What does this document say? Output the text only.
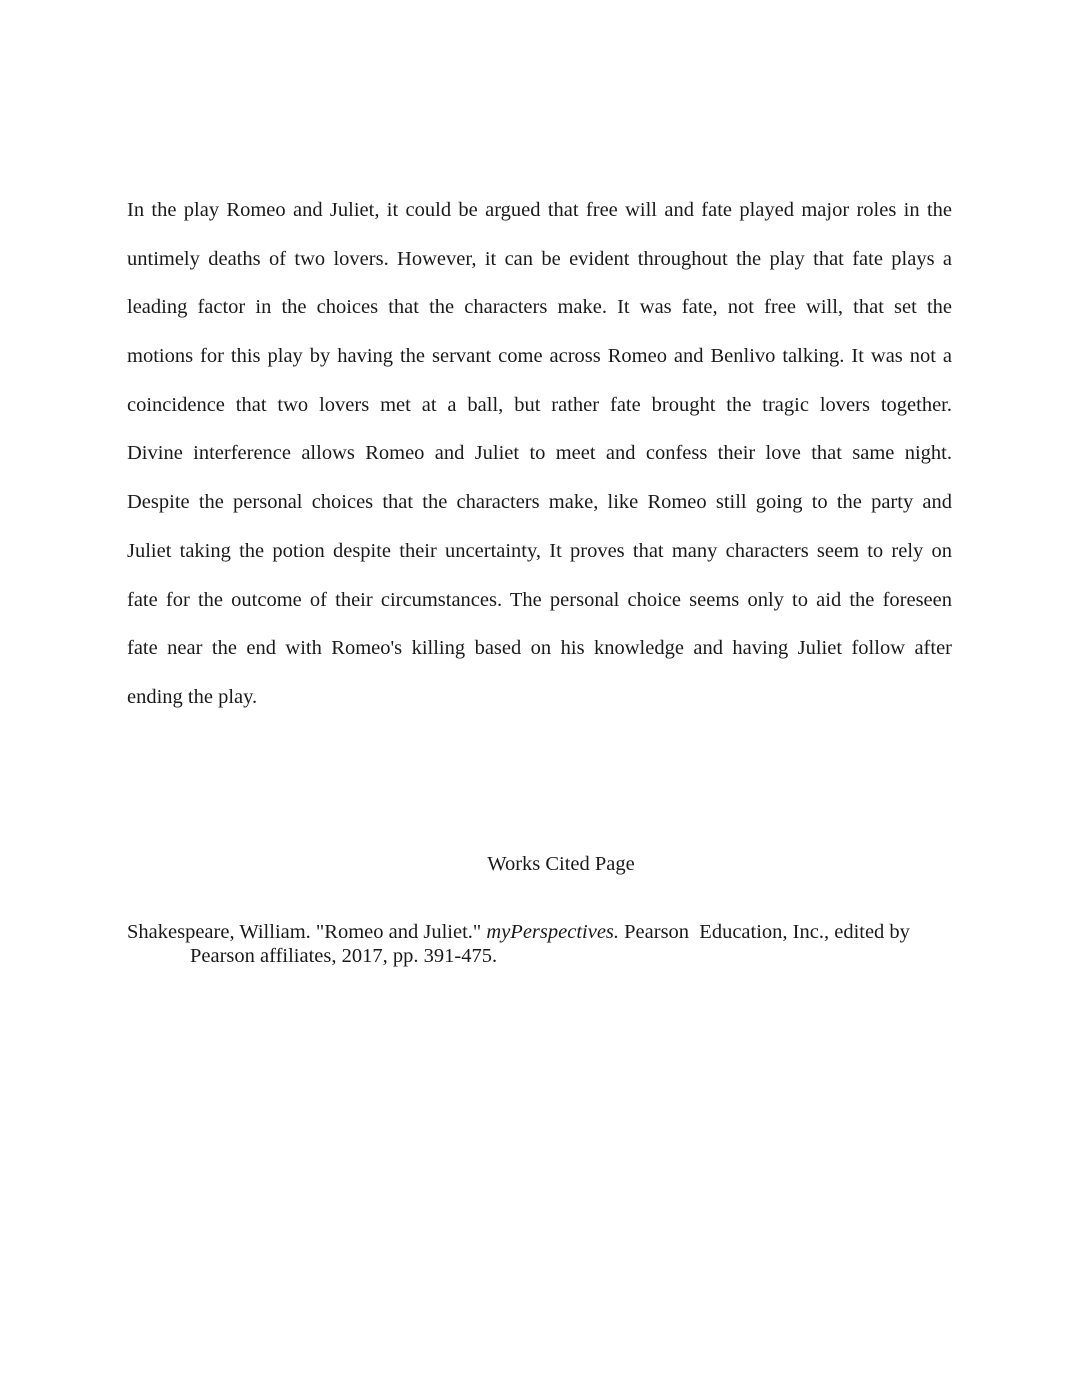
In the play Romeo and Juliet, it could be argued that free will and fate played major roles in the
untimely deaths of two lovers. However, it can be evident throughout the play that fate plays a
leading factor in the choices that the characters make. It was fate, not free will, that set the
motions for this play by having the servant come across Romeo and Benlivo talking. It was not a
coincidence that two lovers met at a ball, but rather fate brought the tragic lovers together.
Divine interference allows Romeo and Juliet to meet and confess their love that same night.
Despite the personal choices that the characters make, like Romeo still going to the party and
Juliet taking the potion despite their uncertainty, It proves that many characters seem to rely on
fate for the outcome of their circumstances. The personal choice seems only to aid the foreseen
fate near the end with Romeo's killing based on his knowledge and having Juliet follow after
ending the play.
Works Cited Page
Shakespeare, William. "Romeo and Juliet." myPerspectives. Pearson  Education, Inc., edited by
Pearson affiliates, 2017, pp. 391-475.
